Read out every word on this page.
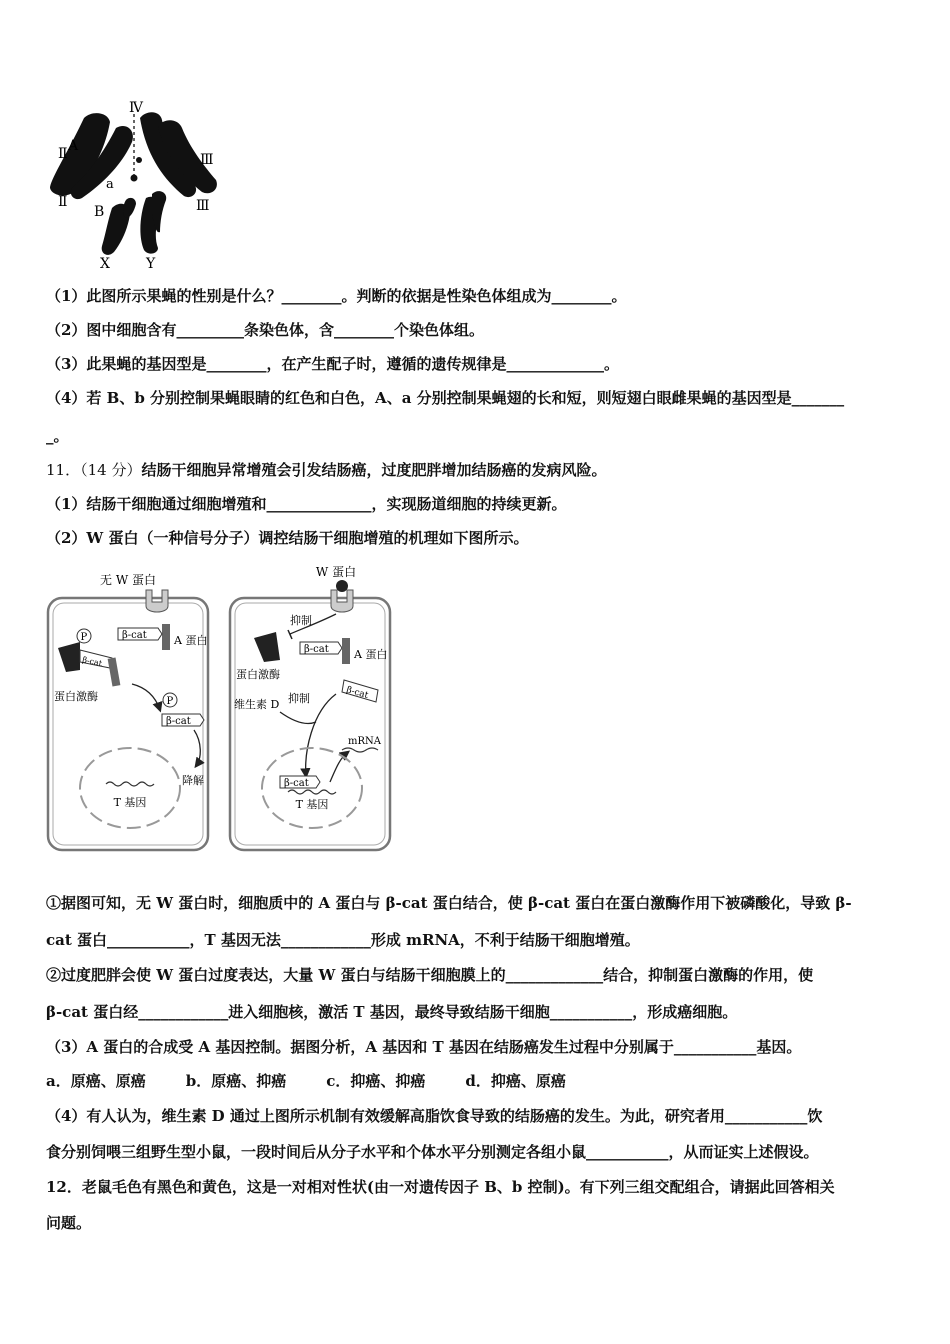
Ⅳ
Ⅱ A
a
Ⅱ
Ⅲ
Ⅲ
B
X	Y
（1）此图所示果蝇的性别是什么？________。判断的依据是性染色体组成为________。
（2）图中细胞含有_________条染色体，含________个染色体组。
（3）此果蝇的基因型是________，在产生配子时，遵循的遗传规律是_____________。
（4）若 B、b 分别控制果蝇眼睛的红色和白色，A、a 分别控制果蝇翅的长和短，则短翅白眼雌果蝇的基因型是_______
_。
11．（14 分）结肠干细胞异常增殖会引发结肠癌，过度肥胖增加结肠癌的发病风险。
（1）结肠干细胞通过细胞增殖和______________，实现肠道细胞的持续更新。
（2）W 蛋白（一种信号分子）调控结肠干细胞增殖的机理如下图所示。
无 W 蛋白
A 蛋白
β-cat
P
β-cat
蛋白激酶	P
β-cat
降解
T 基因
W 蛋白
抑制
蛋白激酶
β-cat A 蛋白
维生素 D 抑制	β-cat
mRNA
β-cat
T 基因
①据图可知，无 W 蛋白时，细胞质中的 A 蛋白与 β-cat 蛋白结合，使 β-cat 蛋白在蛋白激酶作用下被磷酸化，导致 β-
cat 蛋白___________，T 基因无法____________形成 mRNA，不利于结肠干细胞增殖。
②过度肥胖会使 W 蛋白过度表达，大量 W 蛋白与结肠干细胞膜上的_____________结合，抑制蛋白激酶的作用，使
β-cat 蛋白经____________进入细胞核，激活 T 基因，最终导致结肠干细胞___________，形成癌细胞。
（3）A 蛋白的合成受 A 基因控制。据图分析，A 基因和 T 基因在结肠癌发生过程中分别属于___________基因。
a．原癌、原癌	b．原癌、抑癌	c．抑癌、抑癌	d．抑癌、原癌
（4）有人认为，维生素 D 通过上图所示机制有效缓解高脂饮食导致的结肠癌的发生。为此，研究者用___________饮
食分别饲喂三组野生型小鼠，一段时间后从分子水平和个体水平分别测定各组小鼠___________，从而证实上述假设。
12．老鼠毛色有黑色和黄色，这是一对相对性状(由一对遗传因子 B、b 控制)。有下列三组交配组合，请据此回答相关
问题。
